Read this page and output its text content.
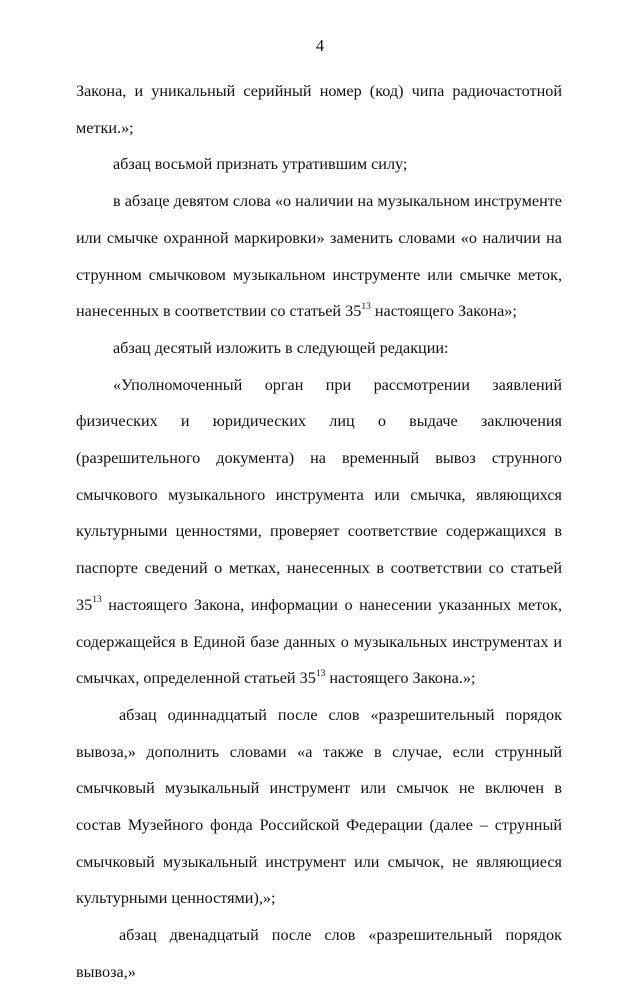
4

Закона, и уникальный серийный номер (код) чипа радиочастотной метки.»;

абзац восьмой признать утратившим силу;

в абзаце девятом слова «о наличии на музыкальном инструменте или смычке охранной маркировки» заменить словами «о наличии на струнном смычковом музыкальном инструменте или смычке меток, нанесенных в соответствии со статьей $35^{13}$ настоящего Закона»;

абзац десятый изложить в следующей редакции:

«Уполномоченный орган при рассмотрении заявлений физических и юридических лиц о выдаче заключения (разрешительного документа) на временный вывоз струнного смычкового музыкального инструмента или смычка, являющихся культурными ценностями, проверяет соответствие содержащихся в паспорте сведений о метках, нанесенных в соответствии со статьей $35^{13}$ настоящего Закона, информации о нанесении указанных меток, содержащейся в Единой базе данных о музыкальных инструментах и смычках, определенной статьей $35^{13}$ настоящего Закона.»;

абзац одиннадцатый после слов «разрешительный порядок вывоза,» дополнить словами «а также в случае, если струнный смычковый музыкальный инструмент или смычок не включен в состав Музейного фонда Российской Федерации (далее – струнный смычковый музыкальный инструмент или смычок, не являющиеся культурными ценностями),»;

абзац двенадцатый после слов «разрешительный порядок вывоза,»
